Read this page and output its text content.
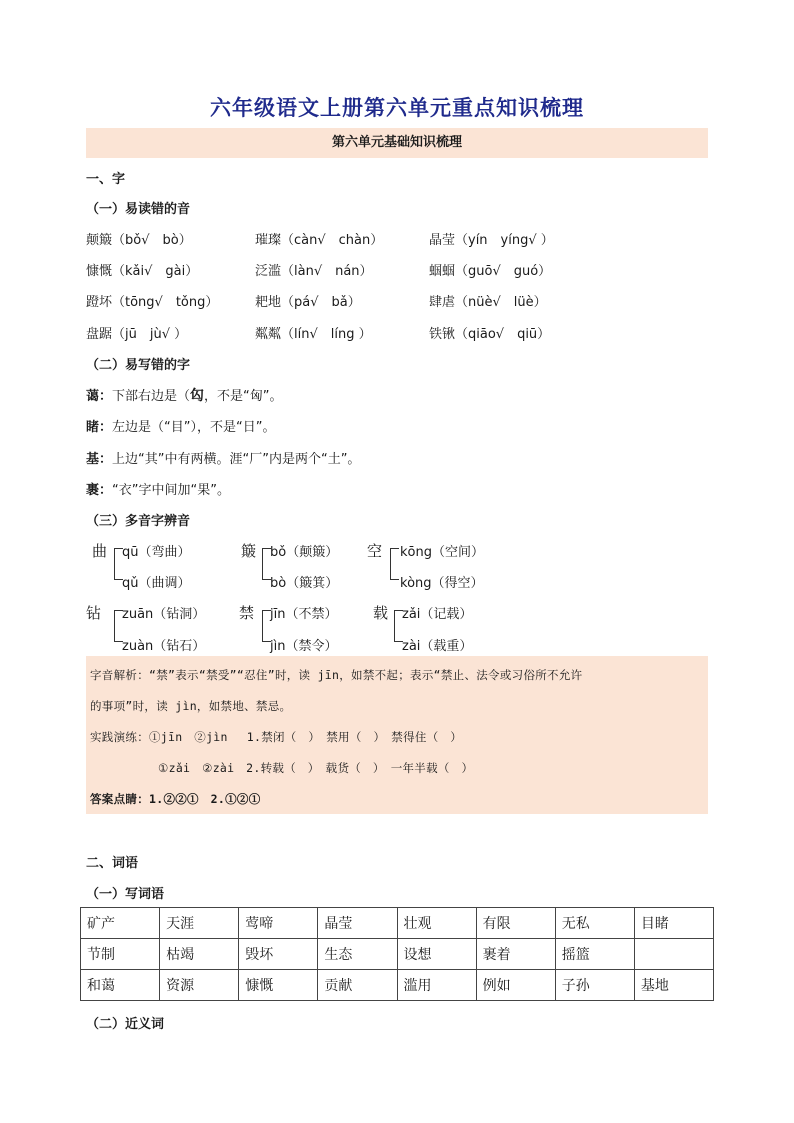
六年级语文上册第六单元重点知识梳理
第六单元基础知识梳理
一、字
（一）易读错的音
颠簸（bǒ√　bò）	璀璨（càn√　chàn）	晶莹（yín　yíng√ ）
慷慨（kǎi√　gài）	泛滥（làn√　nán）	蝈蝈（guō√　guó）
蹬坏（tōng√　tǒng）	耙地（pá√　bǎ）	肆虐（nüè√　lüè）
盘踞（jū　jù√ ）	粼粼（lín√　líng ）	铁锹（qiāo√　qiū）
（二）易写错的字
蔼：下部右边是（匃，不是“匈”。
睹：左边是（“目”），不是“日”。
基：上边“其”中有两横。涯“厂”内是两个“土”。
裹：“衣”字中间加“果”。
（三）多音字辨音
曲 qū（弯曲）
qǔ（曲调）
簸 bǒ（颠簸）
bò（簸箕）
空 kōng（空间）
kòng（得空）
钻 zuān（钻洞）
zuàn（钻石）
禁 jīn（不禁）
jìn（禁令）
载 zǎi（记载）
zài（载重）
字音解析：“禁”表示“禁受”“忍住”时，读 jīn，如禁不起；表示“禁止、法令或习俗所不允许
的事项”时，读 jìn，如禁地、禁忌。
实践演练：①jīn　②jìn　 1.禁闭（　）　禁用（　）　禁得住（　）
①zǎi　②zài　2.转载（　）　载货（　）　一年半载（　）
答案点睛：1.②②①　2.①②①
二、词语
（一）写词语
矿产	天涯	莺啼	晶莹	壮观	有限	无私	目睹
节制	枯竭	毁坏	生态	设想	裹着	摇篮	
和蔼	资源	慷慨	贡献	滥用	例如	子孙	基地
（二）近义词
